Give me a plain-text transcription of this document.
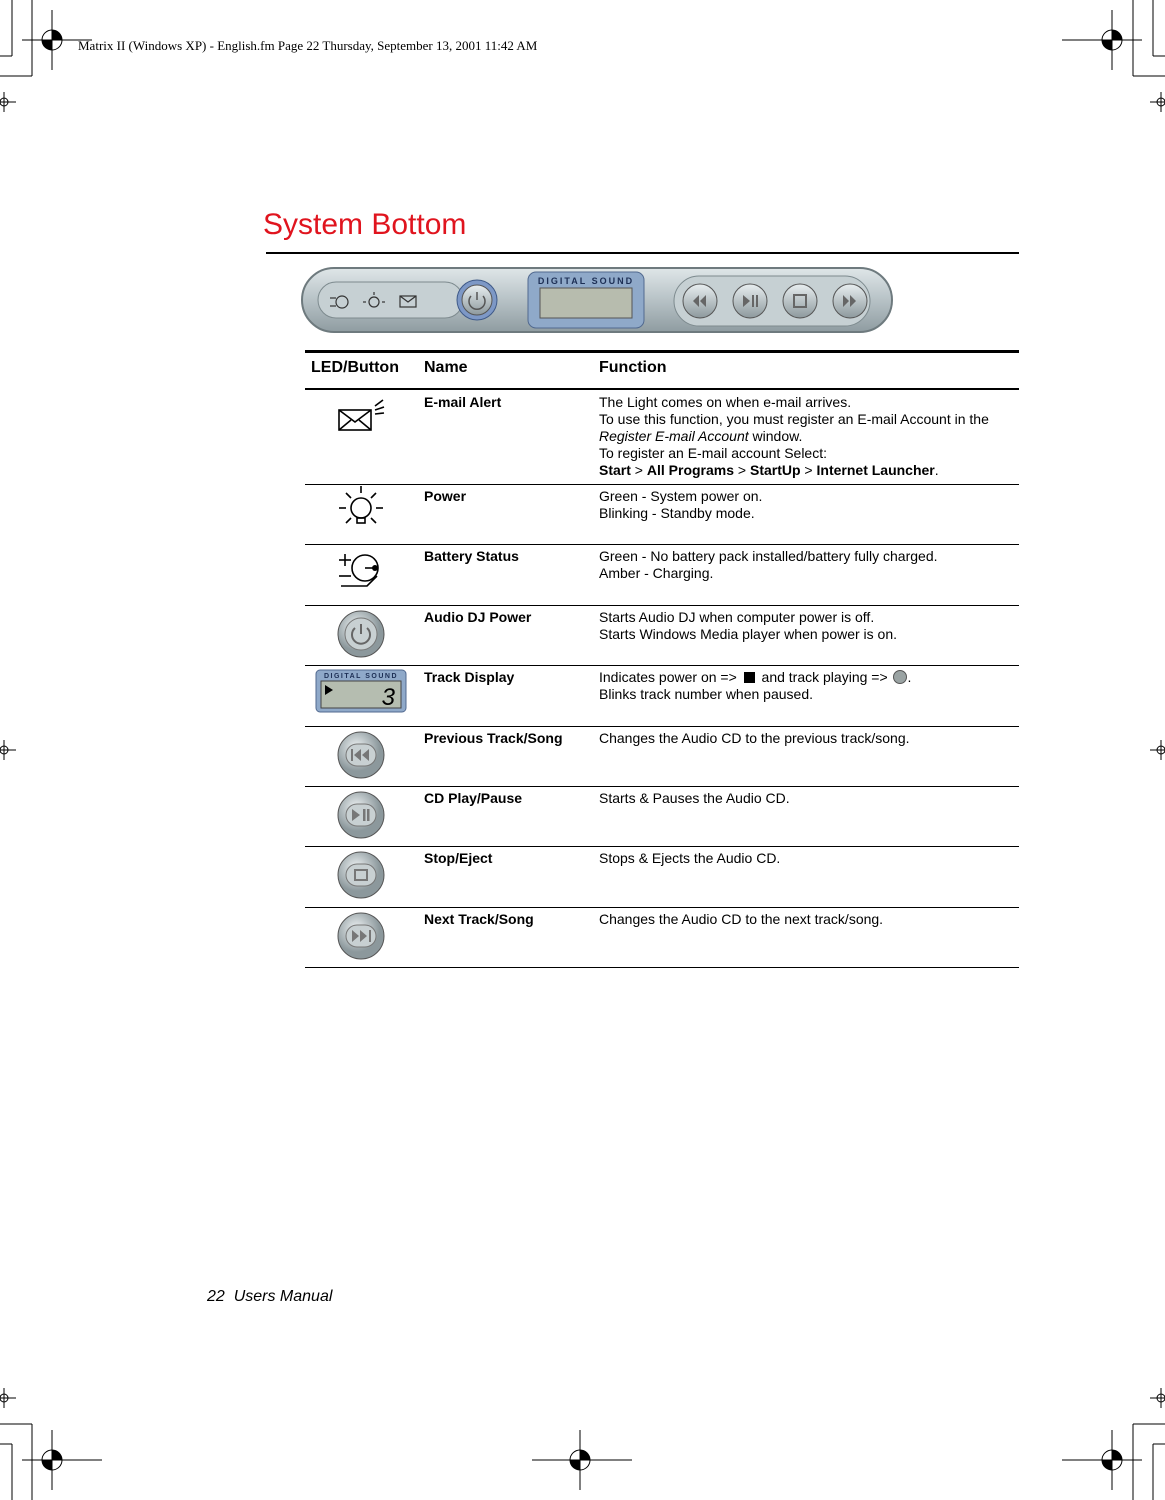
Matrix II (Windows XP) - English.fm Page 22 Thursday, September 13, 2001 11:42 AM
System Bottom
DIGITAL SOUND
LED/Button Name	Function
E-mail Alert	The Light comes on when e-mail arrives.
To use this function, you must register an E-mail Account in the
Register E-mail Account window.
To register an E-mail account Select:
Start > All Programs > StartUp > Internet Launcher.
Power	Green - System power on.
Blinking - Standby mode.
Battery Status	Green - No battery pack installed/battery fully charged.
Amber - Charging.
Audio DJ Power	Starts Audio DJ when computer power is off.
Starts Windows Media player when power is on.
DIGITAL SOUND
3
Track Display	Indicates power on =>  and track playing => .
Blinks track number when paused.
Previous Track/Song	Changes the Audio CD to the previous track/song.
CD Play/Pause	Starts & Pauses the Audio CD.
Stop/Eject	Stops & Ejects the Audio CD.
Next Track/Song	Changes the Audio CD to the next track/song.
22 Users Manual
